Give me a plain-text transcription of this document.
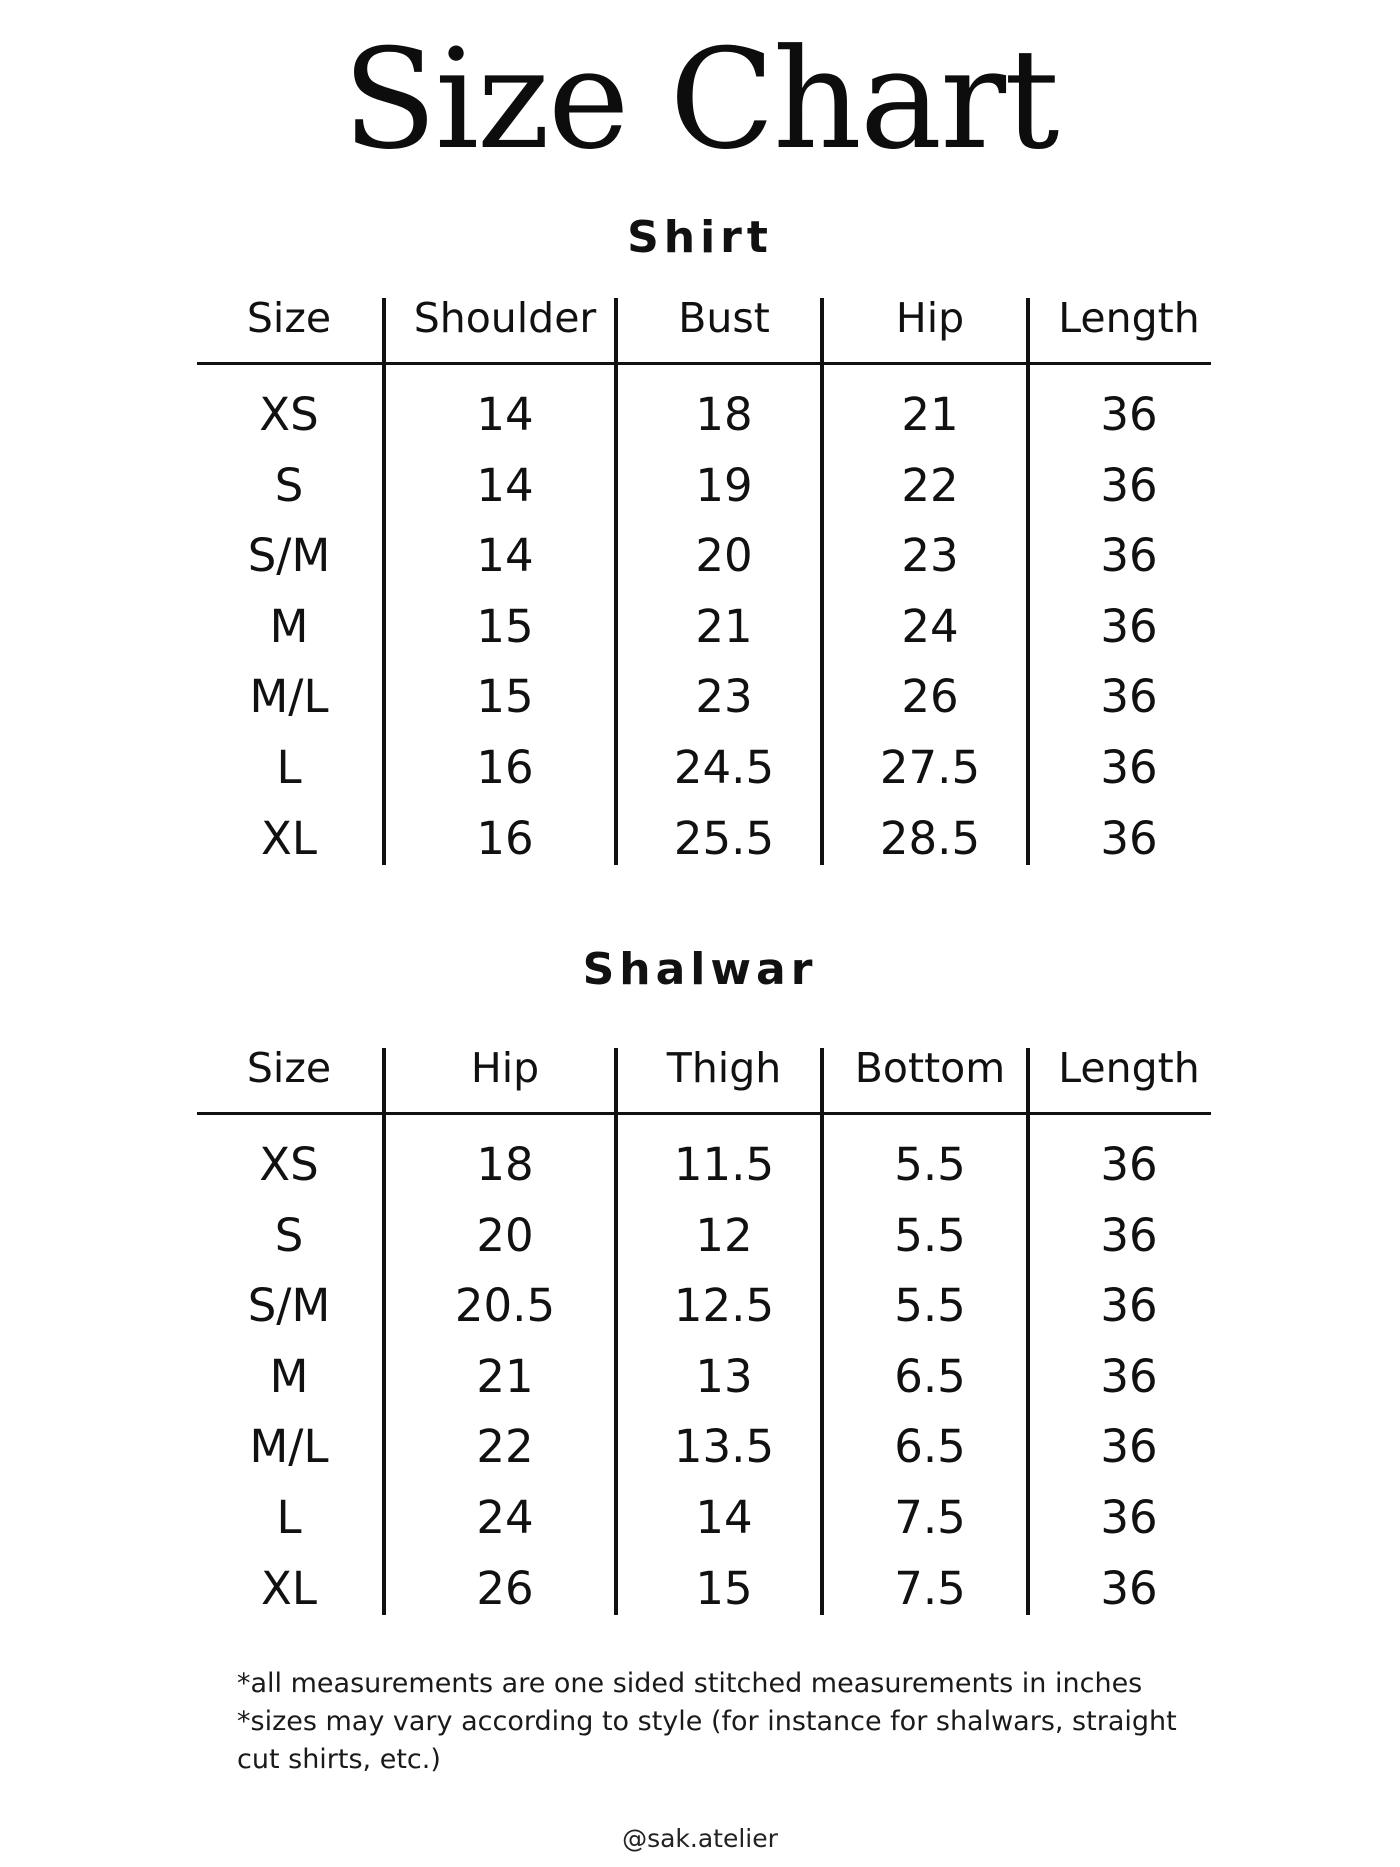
Size Chart
Shirt
Size	Shoulder	Bust	Hip	Length
XS	14	18	21	36
S	14	19	22	36
S/M	14	20	23	36
M	15	21	24	36
M/L	15	23	26	36
L	16	24.5	27.5	36
XL	16	25.5	28.5	36
Shalwar
Size	Hip	Thigh	Bottom	Length
XS	18	11.5	5.5	36
S	20	12	5.5	36
S/M	20.5	12.5	5.5	36
M	21	13	6.5	36
M/L	22	13.5	6.5	36
L	24	14	7.5	36
XL	26	15	7.5	36
*all measurements are one sided stitched measurements in inches
*sizes may vary according to style (for instance for shalwars, straight cut shirts, etc.)
@sak.atelier
